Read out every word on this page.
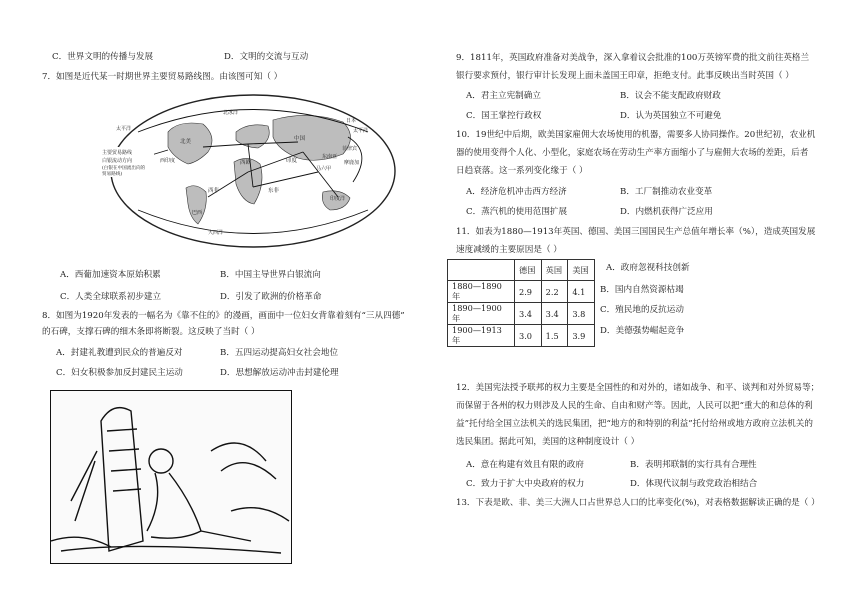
C．世界文明的传播与发展	D．文明的交流与互动
7．如图是近代某一时期世界主要贸易路线图。由该图可知（ ）
北冰洋
太平洋	太平洋
大西洋
印度洋
北美
巴西
西欧
西非	东非
中国
日本
印度
菲律宾
东南亚
马六甲
摩鹿加
西印度
主要贸易路线
白银流动方向
(白银在中国流出向的贸易路线)
A．西葡加速资本原始积累	B．中国主导世界白银流向
C．人类全球联系初步建立	D．引发了欧洲的价格革命
8．如图为1920年发表的一幅名为《靠不住的》的漫画，画面中一位妇女背靠着刻有“三从四德”
的石碑，支撑石碑的细木条即将断裂。这反映了当时（ ）
A．封建礼教遭到民众的普遍反对	B．五四运动提高妇女社会地位
C．妇女积极参加反封建民主运动	D．思想解放运动冲击封建伦理
9．1811年，英国政府准备对美战争，深入拿着议会批准的100万英镑军费的批文前往英格兰
银行要求预付，银行审计长发现上面未盖国王印章，拒绝支付。此事反映出当时英国（ ）
A．君主立宪制确立	B．议会不能支配政府财政
C．国王掌控行政权	D．认为英国独立不可避免
10．19世纪中后期，欧美国家雇佣大农场使用的机器，需要多人协同操作。20世纪初，农业机
器的使用变得个人化、小型化，家庭农场在劳动生产率方面缩小了与雇佣大农场的差距，后者
日趋衰落。这一系列变化缘于（ ）
A．经济危机冲击西方经济	B．工厂制推动农业变革
C．蒸汽机的使用范围扩展	D．内燃机获得广泛应用
11．如表为1880—1913年英国、德国、美国三国国民生产总值年增长率（%），造成英国发展
速度减缓的主要原因是（ ）
	德国	英国	美国
1880—1890年	2.9	2.2	4.1
1890—1900年	3.4	3.4	3.8
1900—1913年	3.0	1.5	3.9
A．政府忽视科技创新
B．国内自然资源枯竭
C．殖民地的反抗运动
D．美德强势崛起竞争
12．美国宪法授予联邦的权力主要是全国性的和对外的，诸如战争、和平、谈判和对外贸易等；
而保留于各州的权力则涉及人民的生命、自由和财产等。因此，人民可以把“重大的和总体的利
益”托付给全国立法机关的选民集团，把“地方的和特别的利益”托付给州或地方政府立法机关的
选民集团。据此可知，美国的这种制度设计（ ）
A．意在构建有效且有限的政府	B．表明邦联制的实行具有合理性
C．致力于扩大中央政府的权力	D．体现代议制与政党政治相结合
13．下表是欧、非、美三大洲人口占世界总人口的比率变化(%)，对表格数据解读正确的是（ ）
